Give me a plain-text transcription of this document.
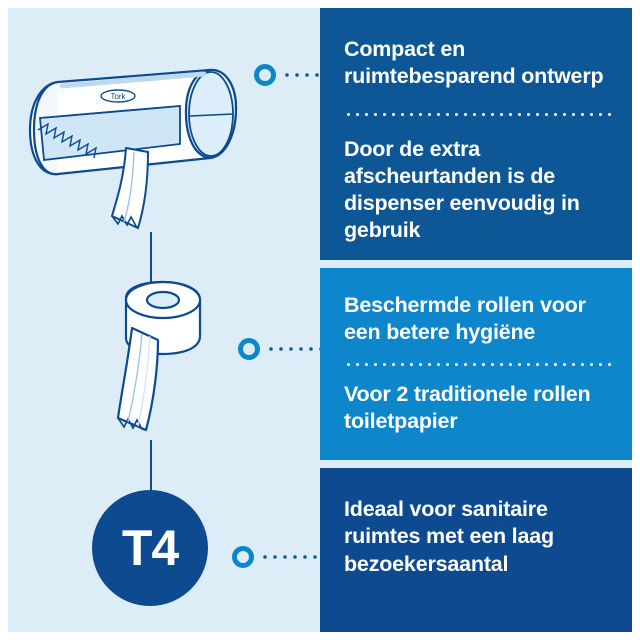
Tork
T4

Compact en ruimtebesparend ontwerp

Door de extra afscheurtanden is de dispenser eenvoudig in gebruik

Beschermde rollen voor een betere hygiëne

Voor 2 traditionele rollen toiletpapier

Ideaal voor sanitaire ruimtes met een laag bezoekersaantal
